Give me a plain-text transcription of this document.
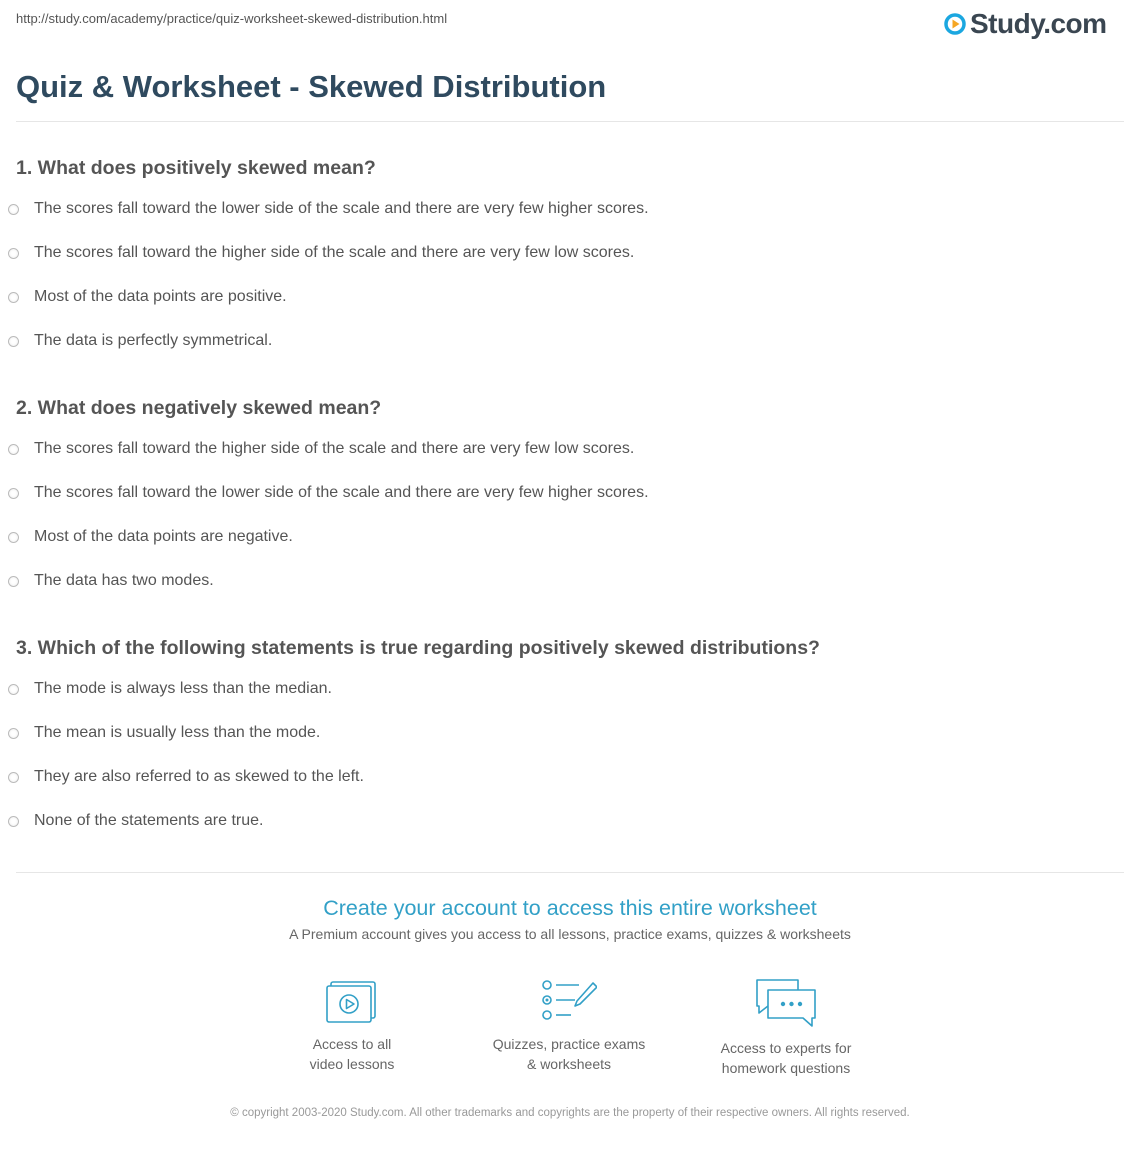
http://study.com/academy/practice/quiz-worksheet-skewed-distribution.html	Study.com
Quiz & Worksheet - Skewed Distribution

1. What does positively skewed mean?

The scores fall toward the lower side of the scale and there are very few higher scores.
The scores fall toward the higher side of the scale and there are very few low scores.
Most of the data points are positive.
The data is perfectly symmetrical.

2. What does negatively skewed mean?

The scores fall toward the higher side of the scale and there are very few low scores.
The scores fall toward the lower side of the scale and there are very few higher scores.
Most of the data points are negative.
The data has two modes.

3. Which of the following statements is true regarding positively skewed distributions?

The mode is always less than the median.
The mean is usually less than the mode.
They are also referred to as skewed to the left.
None of the statements are true.
Create your account to access this entire worksheet
A Premium account gives you access to all lessons, practice exams, quizzes & worksheets
Access to all
video lessons
Quizzes, practice exams
& worksheets
Access to experts for
homework questions
© copyright 2003-2020 Study.com. All other trademarks and copyrights are the property of their respective owners. All rights reserved.
